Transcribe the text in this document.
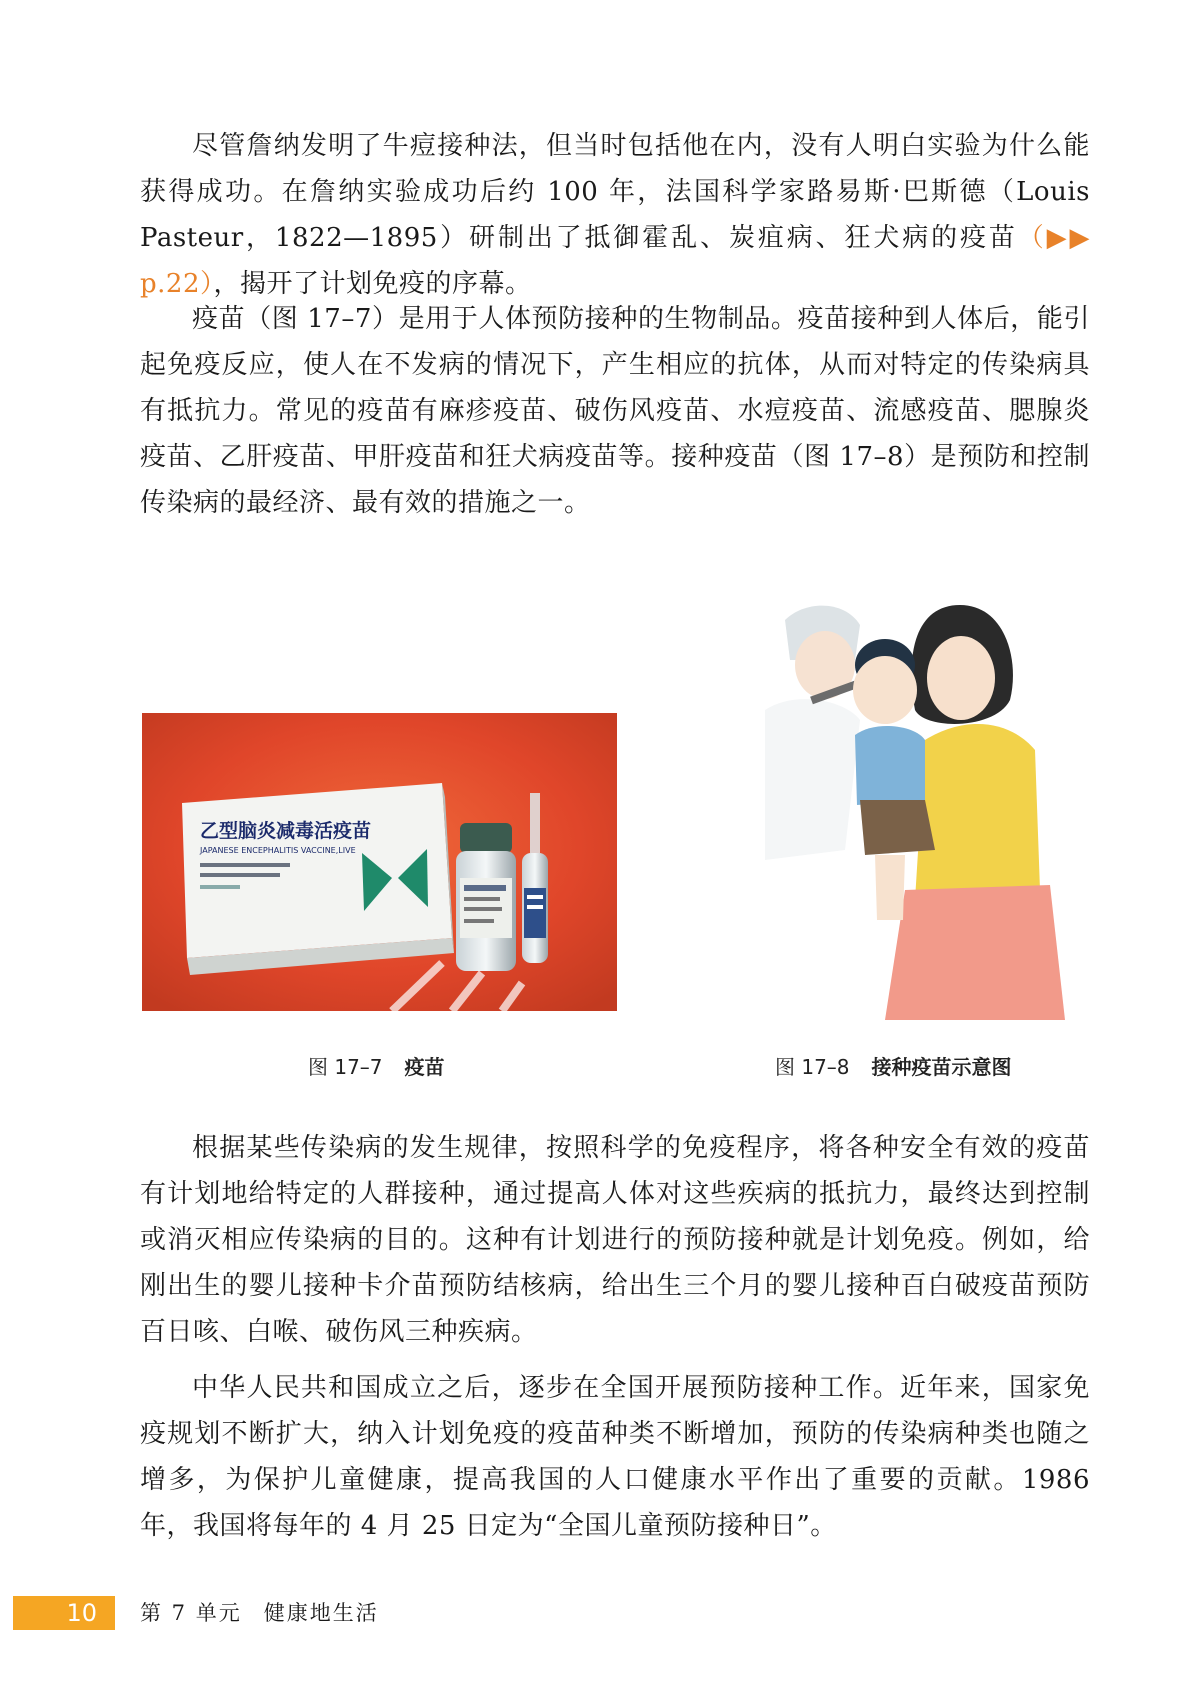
尽管詹纳发明了牛痘接种法，但当时包括他在内，没有人明白实验为什么能获得成功。在詹纳实验成功后约 100 年，法国科学家路易斯·巴斯德（Louis Pasteur，1822—1895）研制出了抵御霍乱、炭疽病、狂犬病的疫苗（▶▶ p.22），揭开了计划免疫的序幕。

疫苗（图 17–7）是用于人体预防接种的生物制品。疫苗接种到人体后，能引起免疫反应，使人在不发病的情况下，产生相应的抗体，从而对特定的传染病具有抵抗力。常见的疫苗有麻疹疫苗、破伤风疫苗、水痘疫苗、流感疫苗、腮腺炎疫苗、乙肝疫苗、甲肝疫苗和狂犬病疫苗等。接种疫苗（图 17–8）是预防和控制传染病的最经济、最有效的措施之一。

乙型脑炎减毒活疫苗
JAPANESE ENCEPHALITIS VACCINE,LIVE
图 17–7 疫苗	图 17–8 接种疫苗示意图

根据某些传染病的发生规律，按照科学的免疫程序，将各种安全有效的疫苗有计划地给特定的人群接种，通过提高人体对这些疾病的抵抗力，最终达到控制或消灭相应传染病的目的。这种有计划进行的预防接种就是计划免疫。例如，给刚出生的婴儿接种卡介苗预防结核病，给出生三个月的婴儿接种百白破疫苗预防百日咳、白喉、破伤风三种疾病。

中华人民共和国成立之后，逐步在全国开展预防接种工作。近年来，国家免疫规划不断扩大，纳入计划免疫的疫苗种类不断增加，预防的传染病种类也随之增多，为保护儿童健康，提高我国的人口健康水平作出了重要的贡献。1986 年，我国将每年的 4 月 25 日定为“全国儿童预防接种日”。

10	第 7 单元 健康地生活
